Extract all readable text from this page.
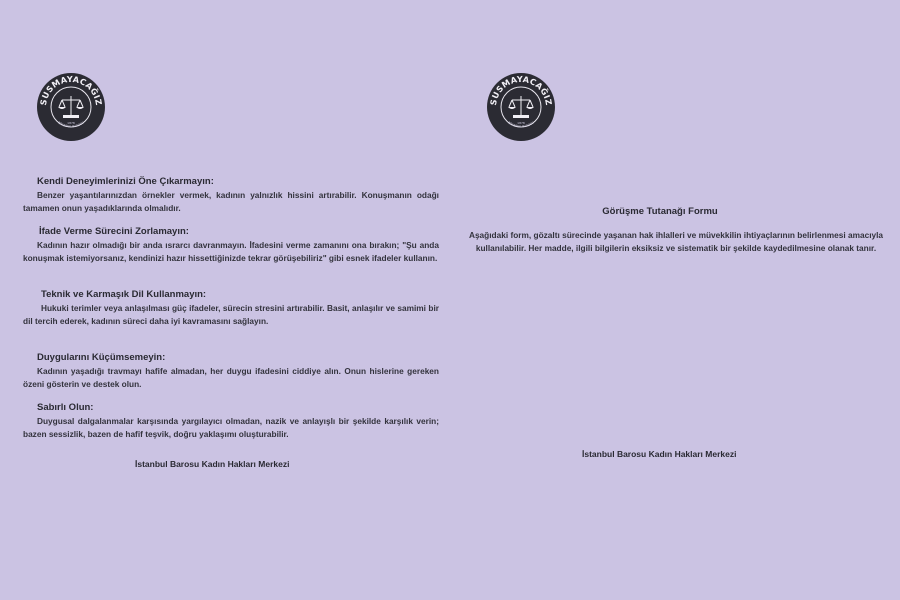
SUSMAYACAĞIZ
İSTANBUL BAROSU
1878

Kendi Deneyimlerinizi Öne Çıkarmayın:

Benzer yaşantılarınızdan örnekler vermek, kadının yalnızlık hissini artırabilir. Konuşmanın odağı tamamen onun yaşadıklarında olmalıdır.

İfade Verme Sürecini Zorlamayın:

Kadının hazır olmadığı bir anda ısrarcı davranmayın. İfadesini verme zamanını ona bırakın; "Şu anda konuşmak istemiyorsanız, kendinizi hazır hissettiğinizde tekrar görüşebiliriz" gibi esnek ifadeler kullanın.

Teknik ve Karmaşık Dil Kullanmayın:

Hukuki terimler veya anlaşılması güç ifadeler, sürecin stresini artırabilir. Basit, anlaşılır ve samimi bir dil tercih ederek, kadının süreci daha iyi kavramasını sağlayın.

Duygularını Küçümsemeyin:

Kadının yaşadığı travmayı hafife almadan, her duygu ifadesini ciddiye alın. Onun hislerine gereken özeni gösterin ve destek olun.

Sabırlı Olun:

Duygusal dalgalanmalar karşısında yargılayıcı olmadan, nazik ve anlayışlı bir şekilde karşılık verin; bazen sessizlik, bazen de hafif teşvik, doğru yaklaşımı oluşturabilir.

İstanbul Barosu Kadın Hakları Merkezi
SUSMAYACAĞIZ
İSTANBUL BAROSU
1878
Görüşme Tutanağı Formu
Aşağıdaki form, gözaltı sürecinde yaşanan hak ihlalleri ve müvekkilin ihtiyaçlarının belirlenmesi amacıyla kullanılabilir. Her madde, ilgili bilgilerin eksiksiz ve sistematik bir şekilde kaydedilmesine olanak tanır.
İstanbul Barosu Kadın Hakları Merkezi
